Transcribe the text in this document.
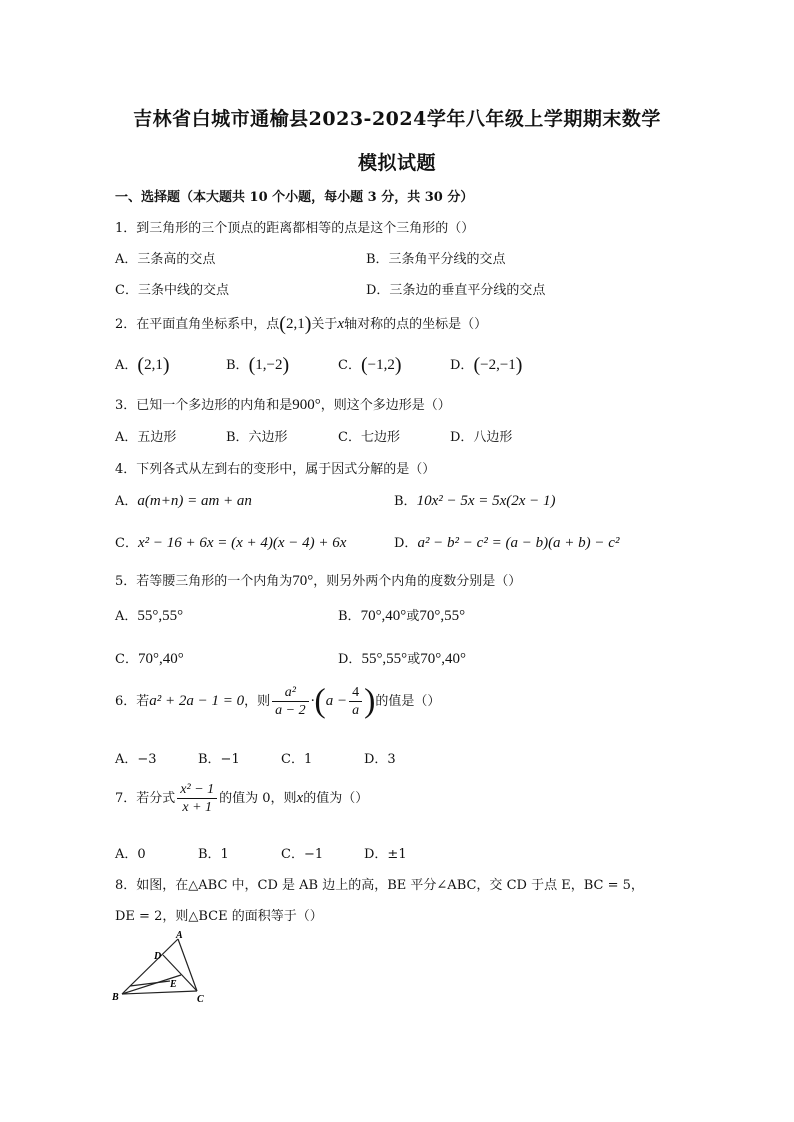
吉林省白城市通榆县2023-2024学年八年级上学期期末数学
模拟试题
一、选择题（本大题共 10 个小题，每小题 3 分，共 30 分）
1．到三角形的三个顶点的距离都相等的点是这个三角形的（）
A．三条高的交点	B．三条角平分线的交点
C．三条中线的交点	D．三条边的垂直平分线的交点
2．在平面直角坐标系中，点(2,1)关于x轴对称的点的坐标是（）
A．(2,1)	B．(1,−2)	C．(−1,2)	D．(−2,−1)
3．已知一个多边形的内角和是900°，则这个多边形是（）
A．五边形	B．六边形	C．七边形	D．八边形
4．下列各式从左到右的变形中，属于因式分解的是（）
A．a(m+n) = am + an	B．10x² − 5x = 5x(2x − 1)
C．x² − 16 + 6x = (x + 4)(x − 4) + 6x	D．a² − b² − c² = (a − b)(a + b) − c²
5．若等腰三角形的一个内角为70°，则另外两个内角的度数分别是（）
A．55°,55°	B．70°,40°或70°,55°
C．70°,40°	D．55°,55°或70°,40°
6．若a² + 2a − 1 = 0，则 $\frac{\text{a²}}{a - 2} \cdot(a - \frac{4}{a}$ )的值是（）
A．−3	B．−1	C．1	D．3
7．若分式 $\frac{\text{x² − 1}}{x + 1}$ 的值为 0，则x的值为（）
A．0	B．1	C．−1	D．±1
8．如图，在△ABC 中，CD 是 AB 边上的高，BE 平分∠ABC，交 CD 于点 E，BC = 5，
DE = 2，则△BCE 的面积等于（）
A
B	C
D
E
